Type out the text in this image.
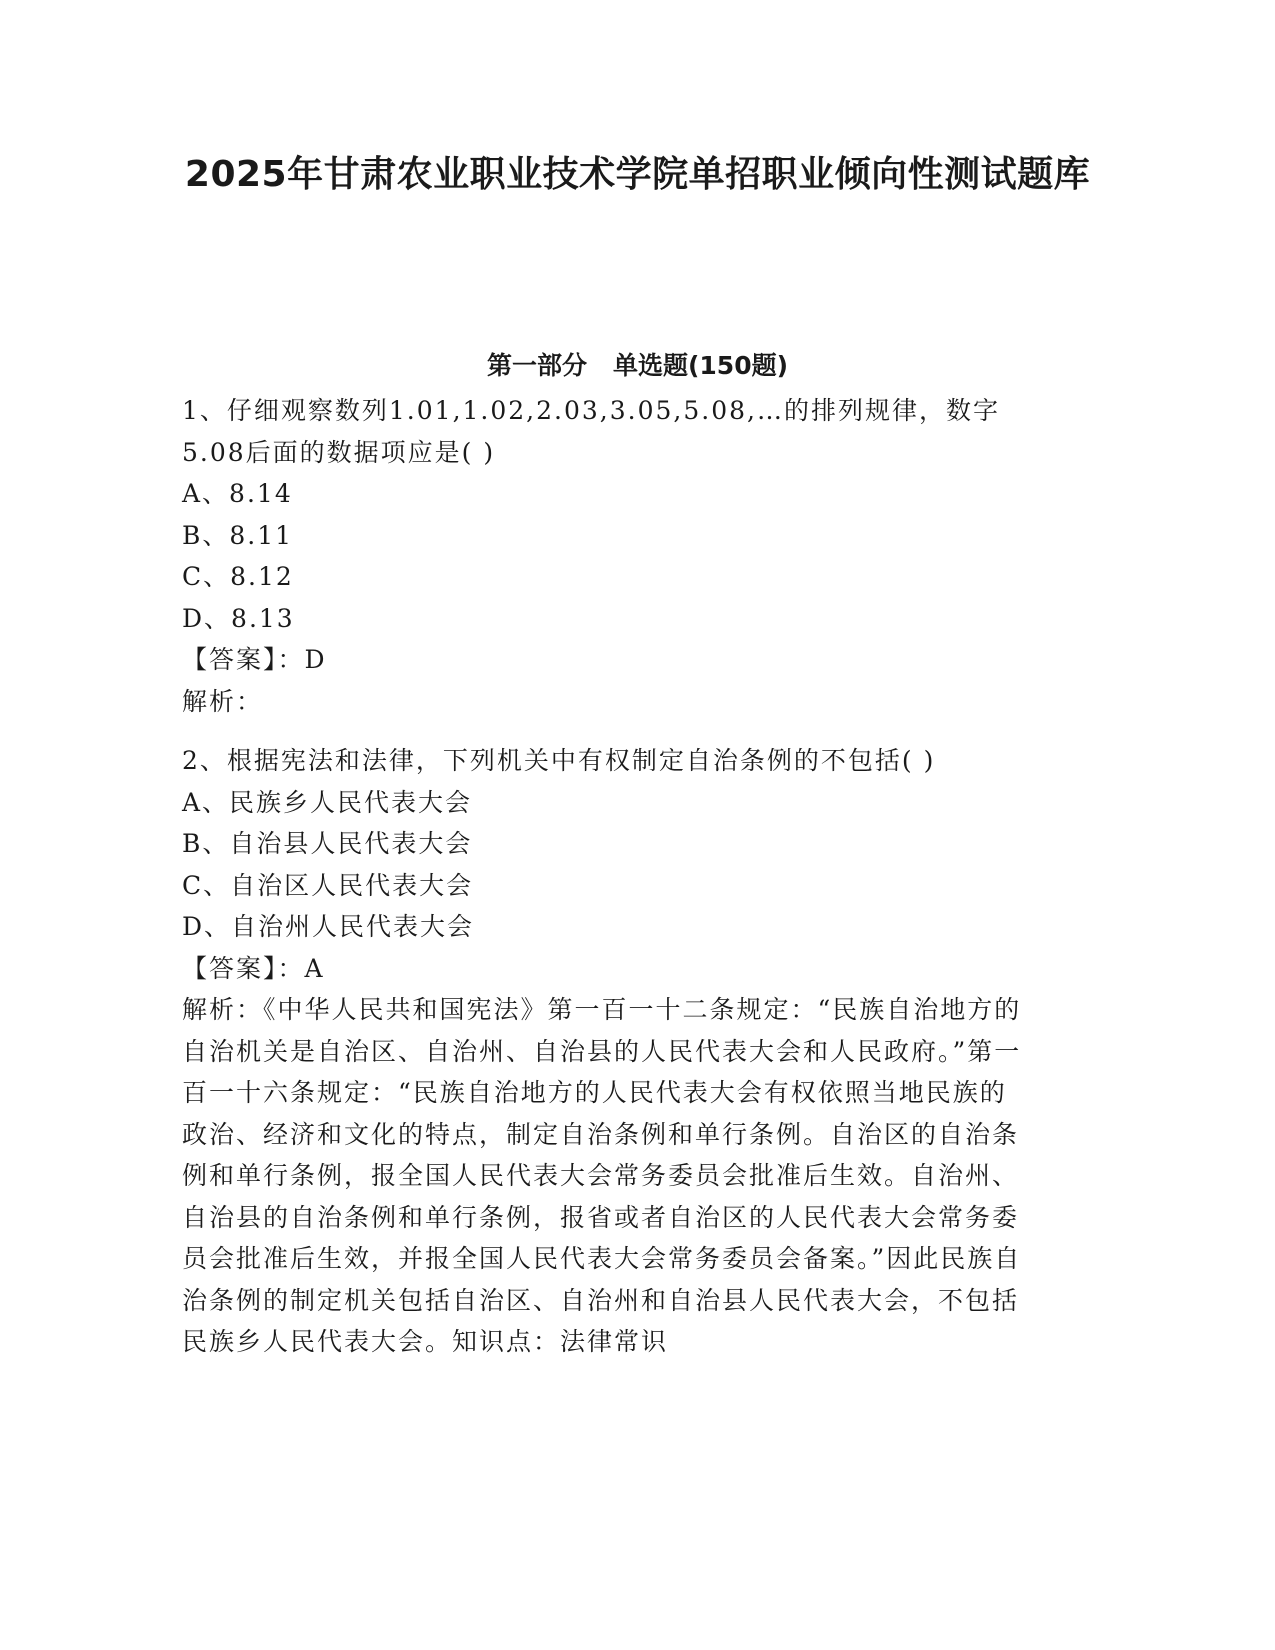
2025年甘肃农业职业技术学院单招职业倾向性测试题库
第一部分 单选题(150题)

1、仔细观察数列1.01,1.02,2.03,3.05,5.08,…的排列规律，数字5.08后面的数据项应是( )

A、8.14

B、8.11

C、8.12

D、8.13

【答案】：D

解析：

2、根据宪法和法律，下列机关中有权制定自治条例的不包括( )

A、民族乡人民代表大会

B、自治县人民代表大会

C、自治区人民代表大会

D、自治州人民代表大会

【答案】：A

解析：《中华人民共和国宪法》第一百一十二条规定：“民族自治地方的自治机关是自治区、自治州、自治县的人民代表大会和人民政府。”第一百一十六条规定：“民族自治地方的人民代表大会有权依照当地民族的政治、经济和文化的特点，制定自治条例和单行条例。自治区的自治条例和单行条例，报全国人民代表大会常务委员会批准后生效。自治州、自治县的自治条例和单行条例，报省或者自治区的人民代表大会常务委员会批准后生效，并报全国人民代表大会常务委员会备案。”因此民族自治条例的制定机关包括自治区、自治州和自治县人民代表大会，不包括民族乡人民代表大会。知识点：法律常识
